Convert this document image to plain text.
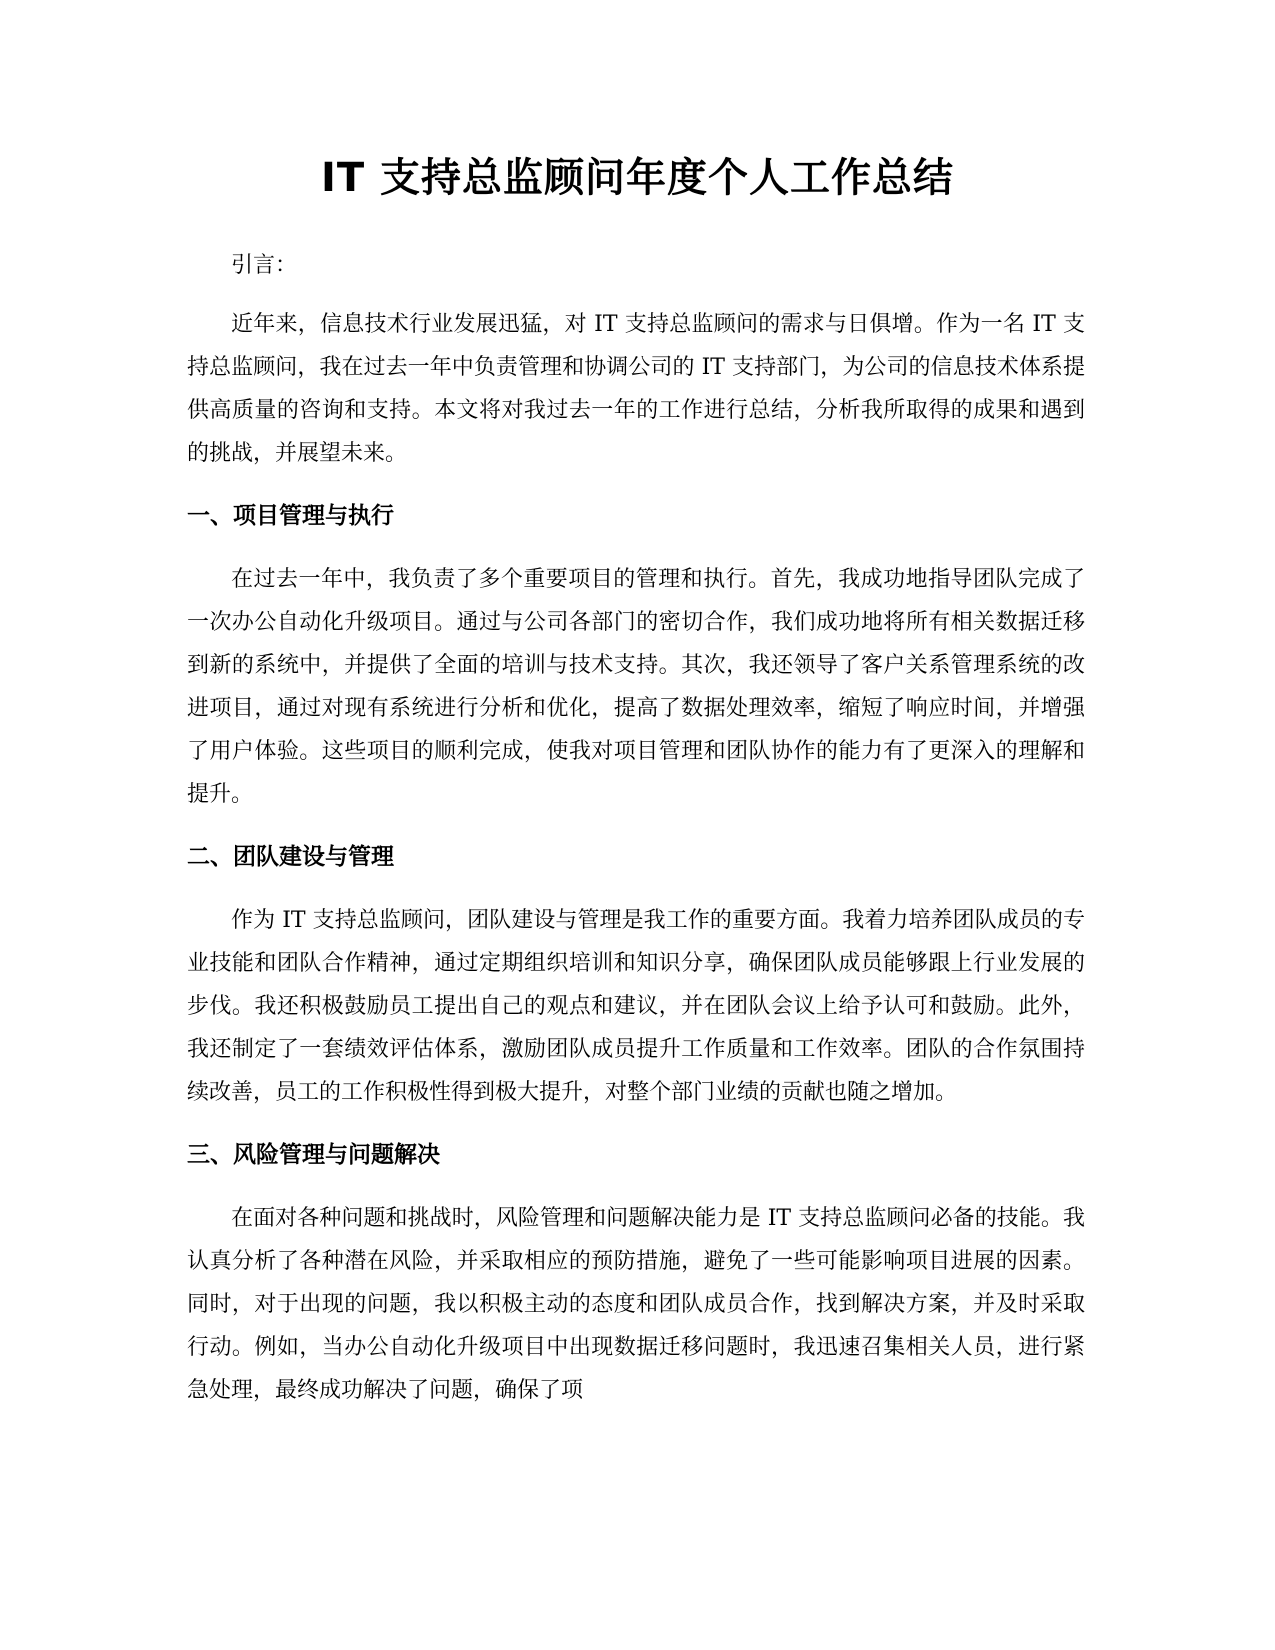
IT 支持总监顾问年度个人工作总结

引言：

近年来，信息技术行业发展迅猛，对 IT 支持总监顾问的需求与日俱增。作为一名 IT 支持总监顾问，我在过去一年中负责管理和协调公司的 IT 支持部门，为公司的信息技术体系提供高质量的咨询和支持。本文将对我过去一年的工作进行总结，分析我所取得的成果和遇到的挑战，并展望未来。

一、项目管理与执行

在过去一年中，我负责了多个重要项目的管理和执行。首先，我成功地指导团队完成了一次办公自动化升级项目。通过与公司各部门的密切合作，我们成功地将所有相关数据迁移到新的系统中，并提供了全面的培训与技术支持。其次，我还领导了客户关系管理系统的改进项目，通过对现有系统进行分析和优化，提高了数据处理效率，缩短了响应时间，并增强了用户体验。这些项目的顺利完成，使我对项目管理和团队协作的能力有了更深入的理解和提升。

二、团队建设与管理

作为 IT 支持总监顾问，团队建设与管理是我工作的重要方面。我着力培养团队成员的专业技能和团队合作精神，通过定期组织培训和知识分享，确保团队成员能够跟上行业发展的步伐。我还积极鼓励员工提出自己的观点和建议，并在团队会议上给予认可和鼓励。此外，我还制定了一套绩效评估体系，激励团队成员提升工作质量和工作效率。团队的合作氛围持续改善，员工的工作积极性得到极大提升，对整个部门业绩的贡献也随之增加。

三、风险管理与问题解决

在面对各种问题和挑战时，风险管理和问题解决能力是 IT 支持总监顾问必备的技能。我认真分析了各种潜在风险，并采取相应的预防措施，避免了一些可能影响项目进展的因素。同时，对于出现的问题，我以积极主动的态度和团队成员合作，找到解决方案，并及时采取行动。例如，当办公自动化升级项目中出现数据迁移问题时，我迅速召集相关人员，进行紧急处理，最终成功解决了问题，确保了项
